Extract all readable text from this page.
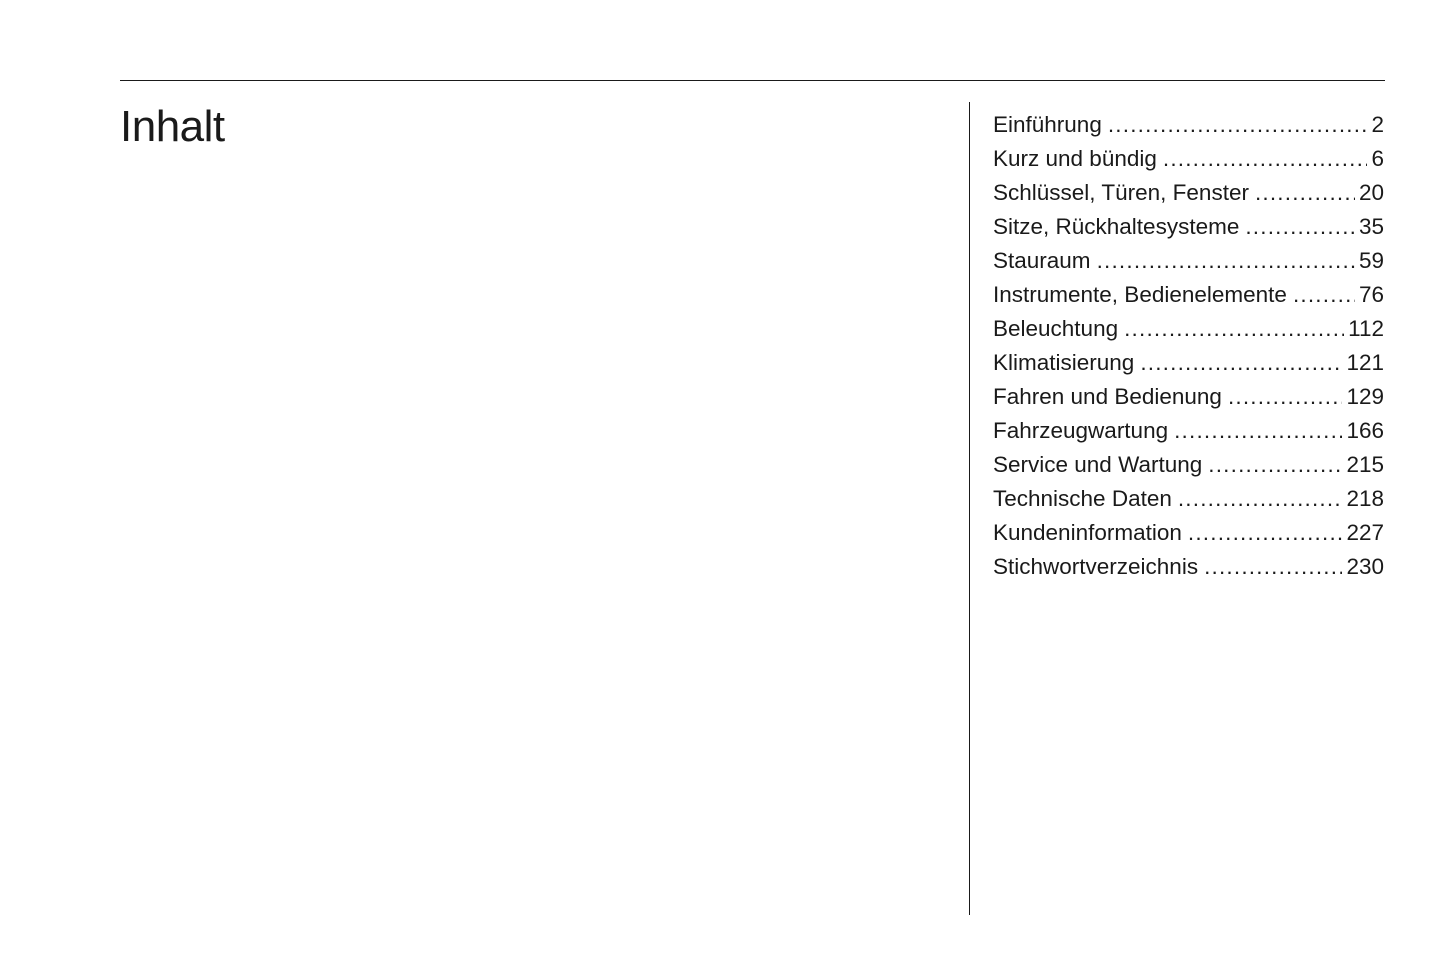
Inhalt	Einführung .....	2
Kurz und bündig .....	6
Schlüssel, Türen, Fenster .....	20
Sitze, Rückhaltesysteme .....	35
Stauraum .....	59
Instrumente, Bedienelemente .....	76
Beleuchtung .....	112
Klimatisierung .....	121
Fahren und Bedienung .....	129
Fahrzeugwartung .....	166
Service und Wartung .....	215
Technische Daten .....	218
Kundeninformation .....	227
Stichwortverzeichnis .....	230
